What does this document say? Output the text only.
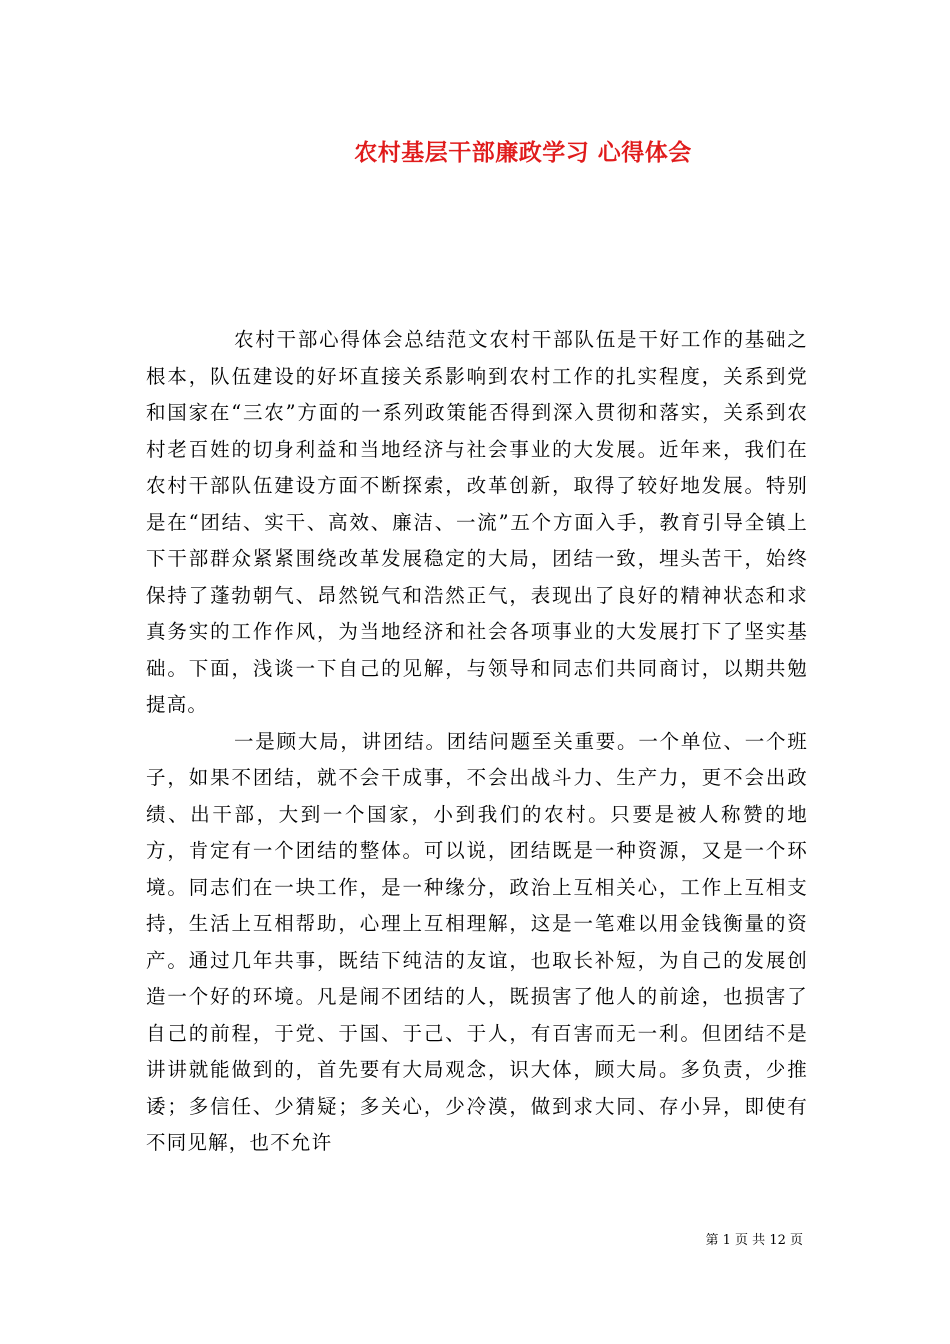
农村基层干部廉政学习 心得体会

农村干部心得体会总结范文农村干部队伍是干好工作的基础之根本，队伍建设的好坏直接关系影响到农村工作的扎实程度，关系到党和国家在“三农”方面的一系列政策能否得到深入贯彻和落实，关系到农村老百姓的切身利益和当地经济与社会事业的大发展。近年来，我们在农村干部队伍建设方面不断探索，改革创新，取得了较好地发展。特别是在“团结、实干、高效、廉洁、一流”五个方面入手，教育引导全镇上下干部群众紧紧围绕改革发展稳定的大局，团结一致，埋头苦干，始终保持了蓬勃朝气、昂然锐气和浩然正气，表现出了良好的精神状态和求真务实的工作作风，为当地经济和社会各项事业的大发展打下了坚实基础。下面，浅谈一下自己的见解，与领导和同志们共同商讨，以期共勉提高。

一是顾大局，讲团结。团结问题至关重要。一个单位、一个班子，如果不团结，就不会干成事，不会出战斗力、生产力，更不会出政绩、出干部，大到一个国家，小到我们的农村。只要是被人称赞的地方，肯定有一个团结的整体。可以说，团结既是一种资源，又是一个环境。同志们在一块工作，是一种缘分，政治上互相关心，工作上互相支持，生活上互相帮助，心理上互相理解，这是一笔难以用金钱衡量的资产。通过几年共事，既结下纯洁的友谊，也取长补短，为自己的发展创造一个好的环境。凡是闹不团结的人，既损害了他人的前途，也损害了自己的前程，于党、于国、于己、于人，有百害而无一利。但团结不是讲讲就能做到的，首先要有大局观念，识大体，顾大局。多负责，少推诿；多信任、少猜疑；多关心，少冷漠，做到求大同、存小异，即使有不同见解，也不允许

第 1 页 共 12 页
